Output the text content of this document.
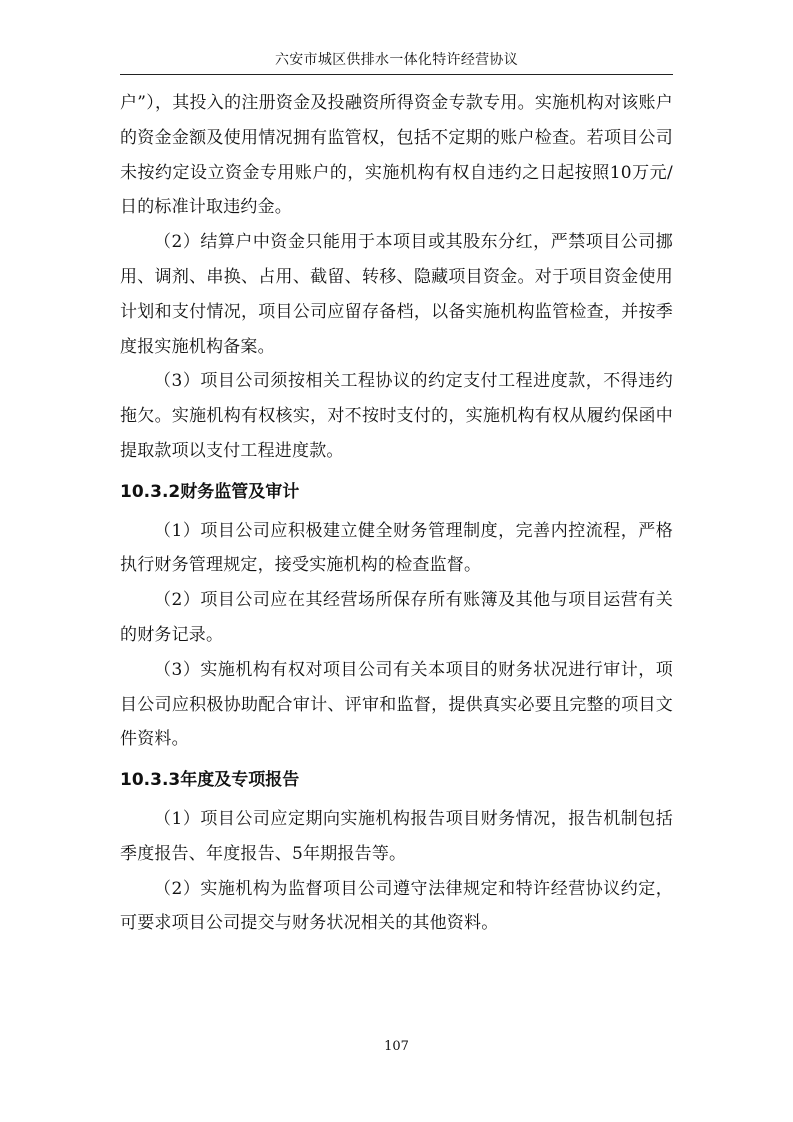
六安市城区供排水一体化特许经营协议

户”），其投入的注册资金及投融资所得资金专款专用。实施机构对该账户的资金金额及使用情况拥有监管权，包括不定期的账户检查。若项目公司未按约定设立资金专用账户的，实施机构有权自违约之日起按照10万元/日的标准计取违约金。

（2）结算户中资金只能用于本项目或其股东分红，严禁项目公司挪用、调剂、串换、占用、截留、转移、隐藏项目资金。对于项目资金使用计划和支付情况，项目公司应留存备档，以备实施机构监管检查，并按季度报实施机构备案。

（3）项目公司须按相关工程协议的约定支付工程进度款，不得违约拖欠。实施机构有权核实，对不按时支付的，实施机构有权从履约保函中提取款项以支付工程进度款。

10.3.2财务监管及审计

（1）项目公司应积极建立健全财务管理制度，完善内控流程，严格执行财务管理规定，接受实施机构的检查监督。

（2）项目公司应在其经营场所保存所有账簿及其他与项目运营有关的财务记录。

（3）实施机构有权对项目公司有关本项目的财务状况进行审计，项目公司应积极协助配合审计、评审和监督，提供真实必要且完整的项目文件资料。

10.3.3年度及专项报告

（1）项目公司应定期向实施机构报告项目财务情况，报告机制包括季度报告、年度报告、5年期报告等。

（2）实施机构为监督项目公司遵守法律规定和特许经营协议约定，可要求项目公司提交与财务状况相关的其他资料。

107
